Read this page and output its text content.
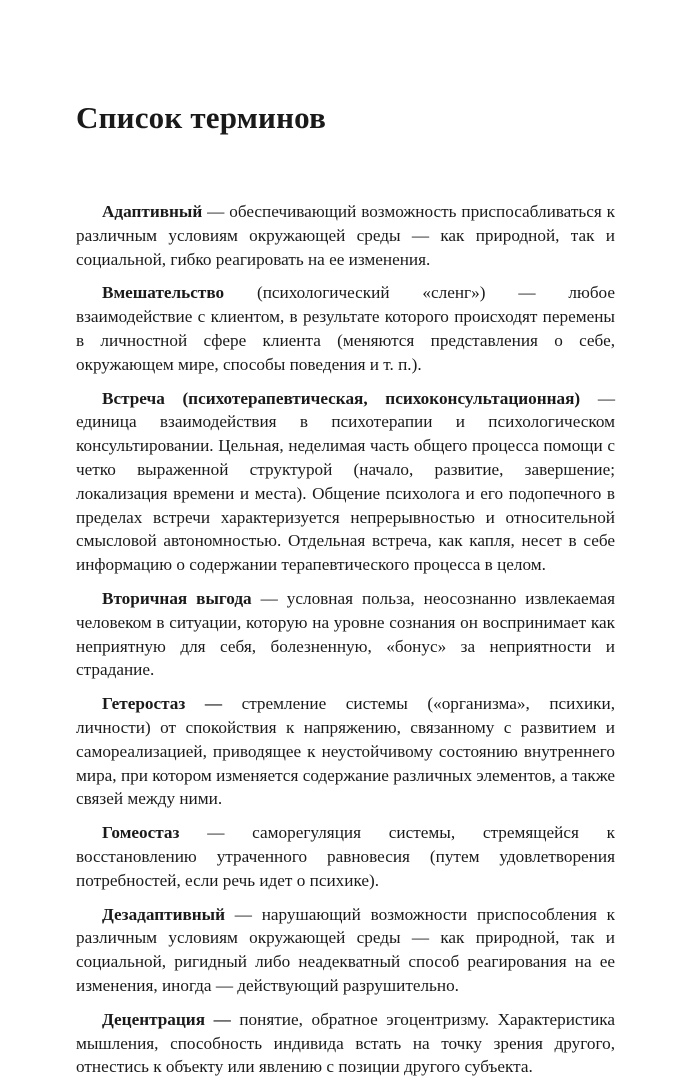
Список терминов

Адаптивный — обеспечивающий возможность приспосабливаться к различным условиям окружающей среды — как природной, так и социальной, гибко реагировать на ее изменения.

Вмешательство (психологический «сленг») — любое взаимодействие с клиентом, в результате которого происходят перемены в личностной сфере клиента (меняются представления о себе, окружающем мире, способы поведения и т. п.).

Встреча (психотерапевтическая, психоконсультационная) — единица взаимодействия в психотерапии и психологическом консультировании. Цельная, неделимая часть общего процесса помощи с четко выраженной структурой (начало, развитие, завершение; локализация времени и места). Общение психолога и его подопечного в пределах встречи характеризуется непрерывностью и относительной смысловой автономностью. Отдельная встреча, как капля, несет в себе информацию о содержании терапевтического процесса в целом.

Вторичная выгода — условная польза, неосознанно извлекаемая человеком в ситуации, которую на уровне сознания он воспринимает как неприятную для себя, болезненную, «бонус» за неприятности и страдание.

Гетеростаз — стремление системы («организма», психики, личности) от спокойствия к напряжению, связанному с развитием и самореализацией, приводящее к неустойчивому состоянию внутреннего мира, при котором изменяется содержание различных элементов, а также связей между ними.

Гомеостаз — саморегуляция системы, стремящейся к восстановлению утраченного равновесия (путем удовлетворения потребностей, если речь идет о психике).

Дезадаптивный — нарушающий возможности приспособления к различным условиям окружающей среды — как природной, так и социальной, ригидный либо неадекватный способ реагирования на ее изменения, иногда — действующий разрушительно.

Децентрация — понятие, обратное эгоцентризму. Характеристика мышления, способность индивида встать на точку зрения другого, отнестись к объекту или явлению с позиции другого субъекта.
